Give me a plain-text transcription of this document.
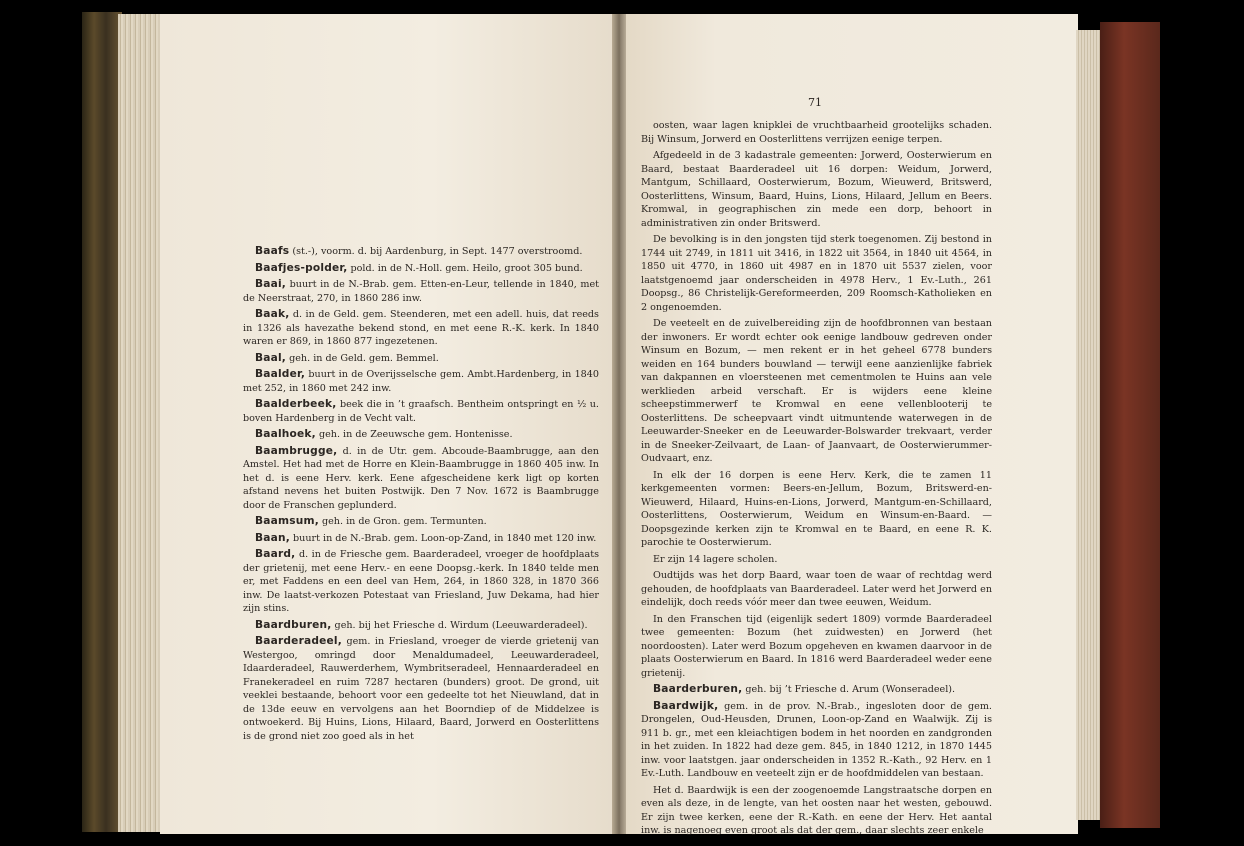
71

Baafs (st.-), voorm. d. bij Aardenburg, in Sept. 1477 overstroomd.

Baafjes-polder, pold. in de N.-Holl. gem. Heilo, groot 305 bund.

Baai, buurt in de N.-Brab. gem. Etten-en-Leur, tellende in 1840, met de Neerstraat, 270, in 1860 286 inw.

Baak, d. in de Geld. gem. Steenderen, met een adell. huis, dat reeds in 1326 als havezathe bekend stond, en met eene R.-K. kerk. In 1840 waren er 869, in 1860 877 ingezetenen.

Baal, geh. in de Geld. gem. Bemmel.

Baalder, buurt in de Overijsselsche gem. Ambt.Hardenberg, in 1840 met 252, in 1860 met 242 inw.

Baalderbeek, beek die in ’t graafsch. Bentheim ontspringt en ½ u. boven Hardenberg in de Vecht valt.

Baalhoek, geh. in de Zeeuwsche gem. Hontenisse.

Baambrugge, d. in de Utr. gem. Abcoude-Baambrugge, aan den Amstel. Het had met de Horre en Klein-Baambrugge in 1860 405 inw. In het d. is eene Herv. kerk. Eene afgescheidene kerk ligt op korten afstand nevens het buiten Postwijk. Den 7 Nov. 1672 is Baambrugge door de Franschen geplunderd.

Baamsum, geh. in de Gron. gem. Termunten.

Baan, buurt in de N.-Brab. gem. Loon-op-Zand, in 1840 met 120 inw.

Baard, d. in de Friesche gem. Baarderadeel, vroeger de hoofdplaats der grietenij, met eene Herv.- en eene Doopsg.-kerk. In 1840 telde men er, met Faddens en een deel van Hem, 264, in 1860 328, in 1870 366 inw. De laatst-verkozen Potestaat van Friesland, Juw Dekama, had hier zijn stins.

Baardburen, geh. bij het Friesche d. Wirdum (Leeuwarderadeel).

Baarderadeel, gem. in Friesland, vroeger de vierde grietenij van Westergoo, omringd door Menaldumadeel, Leeuwarderadeel, Idaarderadeel, Rauwerderhem, Wymbritseradeel, Hennaarderadeel en Franekeradeel en ruim 7287 hectaren (bunders) groot. De grond, uit veeklei bestaande, behoort voor een gedeelte tot het Nieuwland, dat in de 13de eeuw en vervolgens aan het Boorndiep of de Middelzee is ontwoekerd. Bij Huins, Lions, Hilaard, Baard, Jorwerd en Oosterlittens is de grond niet zoo goed als in het

oosten, waar lagen knipklei de vruchtbaarheid grootelijks schaden. Bij Winsum, Jorwerd en Oosterlittens verrijzen eenige terpen.

Afgedeeld in de 3 kadastrale gemeenten: Jorwerd, Oosterwierum en Baard, bestaat Baarderadeel uit 16 dorpen: Weidum, Jorwerd, Mantgum, Schillaard, Oosterwierum, Bozum, Wieuwerd, Britswerd, Oosterlittens, Winsum, Baard, Huins, Lions, Hilaard, Jellum en Beers. Kromwal, in geographischen zin mede een dorp, behoort in administrativen zin onder Britswerd.

De bevolking is in den jongsten tijd sterk toegenomen. Zij bestond in 1744 uit 2749, in 1811 uit 3416, in 1822 uit 3564, in 1840 uit 4564, in 1850 uit 4770, in 1860 uit 4987 en in 1870 uit 5537 zielen, voor laatstgenoemd jaar onderscheiden in 4978 Herv., 1 Ev.-Luth., 261 Doopsg., 86 Christelijk-Gereformeerden, 209 Roomsch-Katholieken en 2 ongenoemden.

De veeteelt en de zuivelbereiding zijn de hoofdbronnen van bestaan der inwoners. Er wordt echter ook eenige landbouw gedreven onder Winsum en Bozum, — men rekent er in het geheel 6778 bunders weiden en 164 bunders bouwland — terwijl eene aanzienlijke fabriek van dakpannen en vloersteenen met cementmolen te Huins aan vele werklieden arbeid verschaft. Er is wijders eene kleine scheepstimmerwerf te Kromwal en eene vellenblooterij te Oosterlittens. De scheepvaart vindt uitmuntende waterwegen in de Leeuwarder-Sneeker en de Leeuwarder-Bolswarder trekvaart, verder in de Sneeker-Zeilvaart, de Laan- of Jaanvaart, de Oosterwierummer-Oudvaart, enz.

In elk der 16 dorpen is eene Herv. Kerk, die te zamen 11 kerkgemeenten vormen: Beers-en-Jellum, Bozum, Britswerd-en-Wieuwerd, Hilaard, Huins-en-Lions, Jorwerd, Mantgum-en-Schillaard, Oosterlittens, Oosterwierum, Weidum en Winsum-en-Baard. — Doopsgezinde kerken zijn te Kromwal en te Baard, en eene R. K. parochie te Oosterwierum.

Er zijn 14 lagere scholen.

Oudtijds was het dorp Baard, waar toen de waar of rechtdag werd gehouden, de hoofdplaats van Baarderadeel. Later werd het Jorwerd en eindelijk, doch reeds vóór meer dan twee eeuwen, Weidum.

In den Franschen tijd (eigenlijk sedert 1809) vormde Baarderadeel twee gemeenten: Bozum (het zuidwesten) en Jorwerd (het noordoosten). Later werd Bozum opgeheven en kwamen daarvoor in de plaats Oosterwierum en Baard. In 1816 werd Baarderadeel weder eene grietenij.

Baarderburen, geh. bij ’t Friesche d. Arum (Wonseradeel).

Baardwijk, gem. in de prov. N.-Brab., ingesloten door de gem. Drongelen, Oud-Heusden, Drunen, Loon-op-Zand en Waalwijk. Zij is 911 b. gr., met een kleiachtigen bodem in het noorden en zandgronden in het zuiden. In 1822 had deze gem. 845, in 1840 1212, in 1870 1445 inw. voor laatstgen. jaar onderscheiden in 1352 R.-Kath., 92 Herv. en 1 Ev.-Luth. Landbouw en veeteelt zijn er de hoofdmiddelen van bestaan.

Het d. Baardwijk is een der zoogenoemde Langstraatsche dorpen en even als deze, in de lengte, van het oosten naar het westen, gebouwd. Er zijn twee kerken, eene der R.-Kath. en eene der Herv. Het aantal inw. is nagenoeg even groot als dat der gem., daar slechts zeer enkele
